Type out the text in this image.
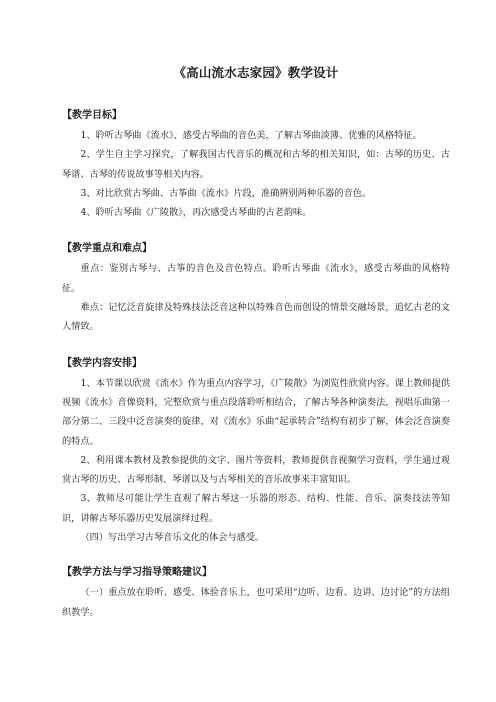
《高山流水志家园》教学设计
【教学目标】

1、聆听古琴曲《流水》，感受古琴曲的音色美，了解古琴曲淡薄、优雅的风格特征。

2、学生自主学习探究，了解我国古代音乐的概况和古琴的相关知识，如：古琴的历史、古琴谱、古琴的传说故事等相关内容。

3、对比欣赏古琴曲、古筝曲《流水》片段，准确辨别两种乐器的音色。

4、聆听古琴曲《广陵散》，再次感受古琴曲的古老韵味。

【教学重点和难点】

重点：鉴别古琴与、古筝的音色及音色特点。聆听古琴曲《流水》，感受古琴曲的风格特征。

难点：记忆泛音旋律及特殊技法泛音这种以特殊音色而创设的情景交融场景，追忆古老的文人情致。

【教学内容安排】

1、本节课以欣赏《流水》作为重点内容学习，《广陵散》为浏览性欣赏内容。课上教师提供视频《流水》音像资料，完整欣赏与重点段落聆听相结合，了解古琴各种演奏法，视唱乐曲第一部分第二、三段中泛音演奏的旋律，对《流水》乐曲“起承转合”结构有初步了解，体会泛音演奏的特点。

2、利用课本教材及教参提供的文字、图片等资料，教师提供音视频学习资料，学生通过观赏古琴的历史、古琴形制、琴谱以及与古琴相关的音乐故事来丰富知识。

3、教师尽可能让学生直观了解古琴这一乐器的形态、结构、性能、音乐、演奏技法等知识，讲解古琴乐器历史发展演绎过程。

（四）写出学习古琴音乐文化的体会与感受。

【教学方法与学习指导策略建议】

（一）重点放在聆听、感受、体验音乐上，也可采用“边听、边看、边讲、边讨论”的方法组织教学。
